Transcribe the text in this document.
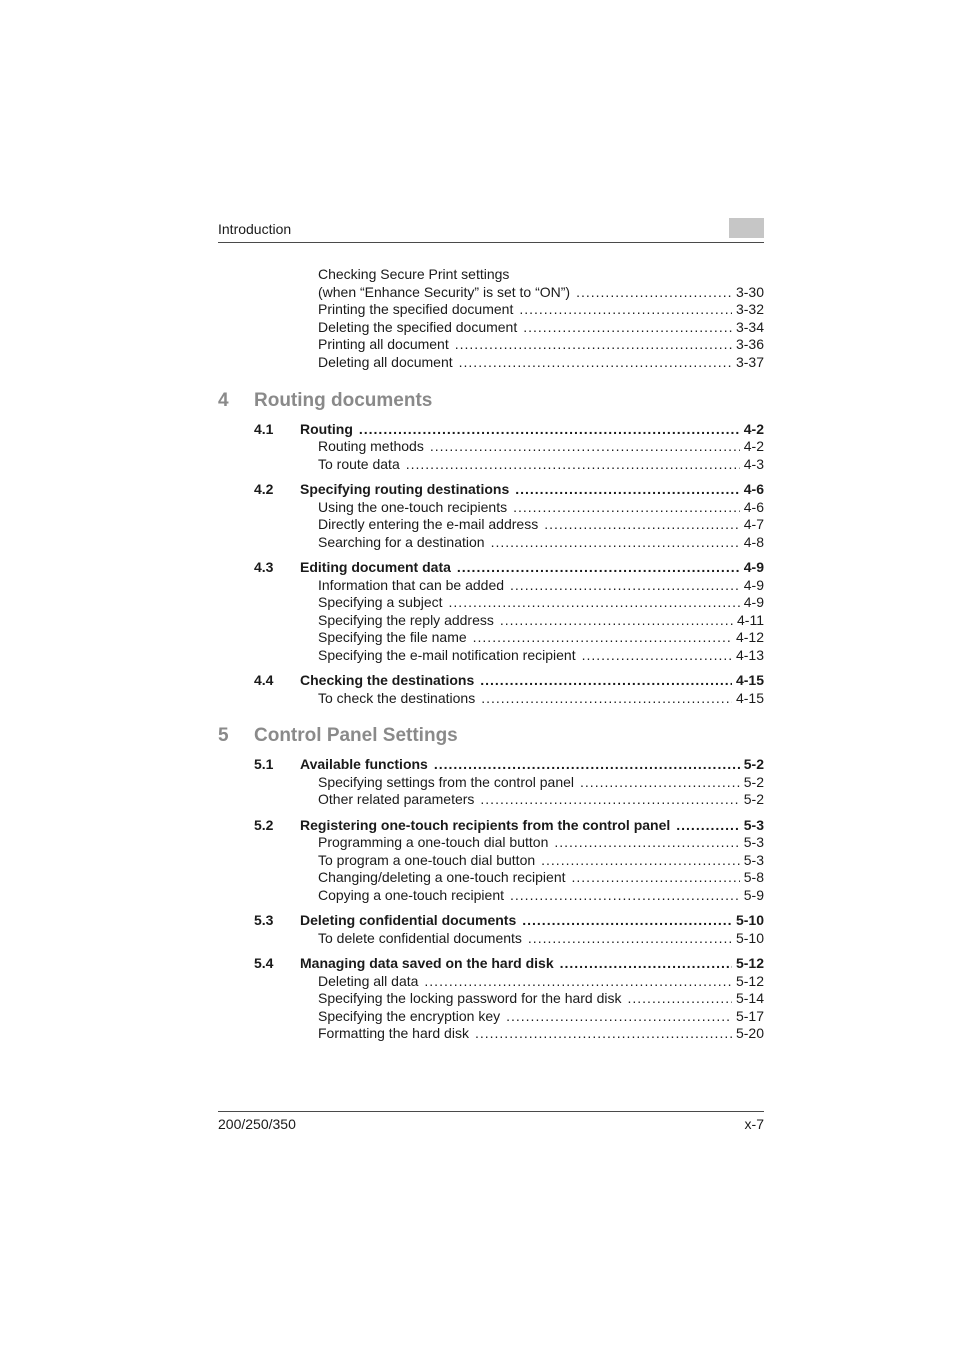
Introduction
Checking Secure Print settings
(when “Enhance Security” is set to “ON”) .....	3-30
Printing the specified document .....	3-32
Deleting the specified document .....	3-34
Printing all document .....	3-36
Deleting all document .....	3-37
4	Routing documents
4.1	Routing .....	4-2
Routing methods .....	4-2
To route data .....	4-3
4.2	Specifying routing destinations .....	4-6
Using the one-touch recipients .....	4-6
Directly entering the e-mail address .....	4-7
Searching for a destination .....	4-8
4.3	Editing document data .....	4-9
Information that can be added .....	4-9
Specifying a subject .....	4-9
Specifying the reply address .....	4-11
Specifying the file name .....	4-12
Specifying the e-mail notification recipient .....	4-13
4.4	Checking the destinations .....	4-15
To check the destinations .....	4-15
5	Control Panel Settings
5.1	Available functions .....	5-2
Specifying settings from the control panel .....	5-2
Other related parameters .....	5-2
5.2	Registering one-touch recipients from the control panel .....	5-3
Programming a one-touch dial button .....	5-3
To program a one-touch dial button .....	5-3
Changing/deleting a one-touch recipient .....	5-8
Copying a one-touch recipient .....	5-9
5.3	Deleting confidential documents .....	5-10
To delete confidential documents .....	5-10
5.4	Managing data saved on the hard disk .....	5-12
Deleting all data .....	5-12
Specifying the locking password for the hard disk .....	5-14
Specifying the encryption key .....	5-17
Formatting the hard disk .....	5-20
200/250/350	x-7
